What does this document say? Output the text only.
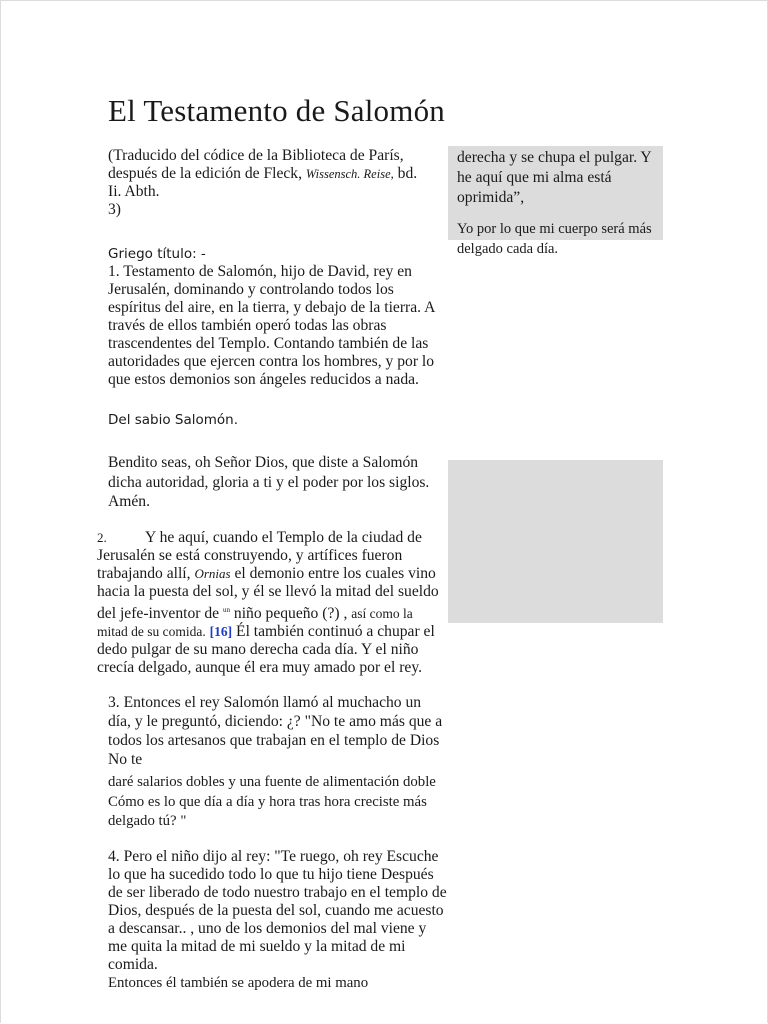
El Testamento de Salomón

(Traducido del códice de la Biblioteca de París,
después de la edición de Fleck, Wissensch. Reise, bd.
Ii. Abth.
3)

Griego título: -

1. Testamento de Salomón, hijo de David, rey en Jerusalén, dominando y controlando todos los espíritus del aire, en la tierra, y debajo de la tierra. A través de ellos también operó todas las obras trascendentes del Templo. Contando también de las autoridades que ejercen contra los hombres, y por lo que estos demonios son ángeles reducidos a nada.

Del sabio Salomón.

Bendito seas, oh Señor Dios, que diste a Salomón dicha autoridad, gloria a ti y el poder por los siglos. Amén.

2. Y he aquí, cuando el Templo de la ciudad de Jerusalén se está construyendo, y artífices fueron trabajando allí, Ornias el demonio entre los cuales vino hacia la puesta del sol, y él se llevó la mitad del sueldo del jefe-inventor de $^{un}$ niño pequeño (?) , así como la mitad de su comida. [16] Él también continuó a chupar el dedo pulgar de su mano derecha cada día. Y el niño crecía delgado, aunque él era muy amado por el rey.

3. Entonces el rey Salomón llamó al muchacho un día, y le preguntó, diciendo: ¿? "No te amo más que a todos los artesanos que trabajan en el templo de Dios No te

daré salarios dobles y una fuente de alimentación doble Cómo es lo que día a día y hora tras hora creciste más delgado tú? "

4. Pero el niño dijo al rey: "Te ruego, oh rey Escuche lo que ha sucedido todo lo que tu hijo tiene Después de ser liberado de todo nuestro trabajo en el templo de Dios, después de la puesta del sol, cuando me acuesto a descansar.. , uno de los demonios del mal viene y me quita la mitad de mi sueldo y la mitad de mi comida.

Entonces él también se apodera de mi mano

derecha y se chupa el pulgar. Y he aquí que mi alma está oprimida”,

Yo por lo que mi cuerpo será más delgado cada día.
